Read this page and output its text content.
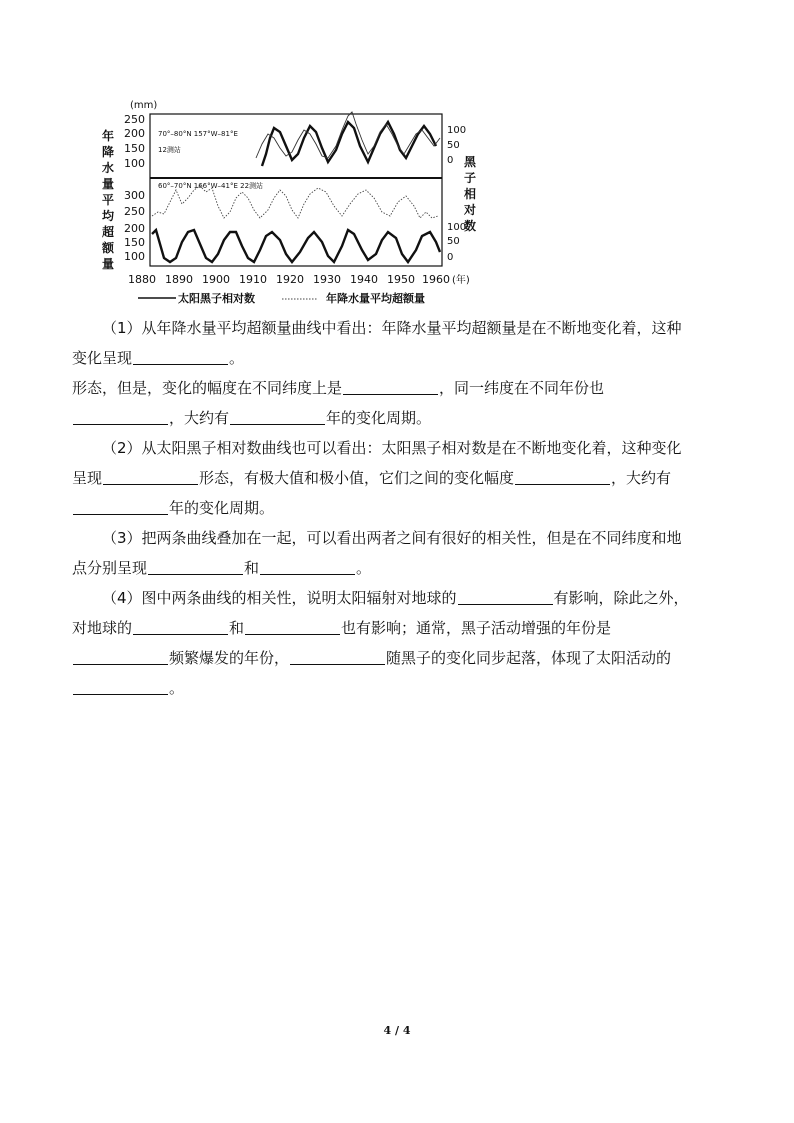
(mm)
年
降
水
量
平
均
超
额
量
黑
子
相
对
数
250
200
150
100
100
50
0
300
250
200
150
100
100
50
0
70°–80°N 157°W–81°E
12测站
60°–70°N 166°W–41°E 22测站
1880 1890 1900 1910 1920 1930 1940 1950 1960 (年)
太阳黑子相对数	年降水量平均超额量
（1）从年降水量平均超额量曲线中看出：年降水量平均超额量是在不断地变化着，这种
变化呈现	。
形态，但是，变化的幅度在不同纬度上是	，同一纬度在不同年份也
，大约有	年的变化周期。
（2）从太阳黑子相对数曲线也可以看出：太阳黑子相对数是在不断地变化着，这种变化
呈现	形态，有极大值和极小值，它们之间的变化幅度	，大约有
年的变化周期。
（3）把两条曲线叠加在一起，可以看出两者之间有很好的相关性，但是在不同纬度和地
点分别呈现	和	。
（4）图中两条曲线的相关性，说明太阳辐射对地球的	有影响，除此之外，
对地球的	和	也有影响；通常，黑子活动增强的年份是
频繁爆发的年份，	随黑子的变化同步起落，体现了太阳活动的
。
4 / 4
